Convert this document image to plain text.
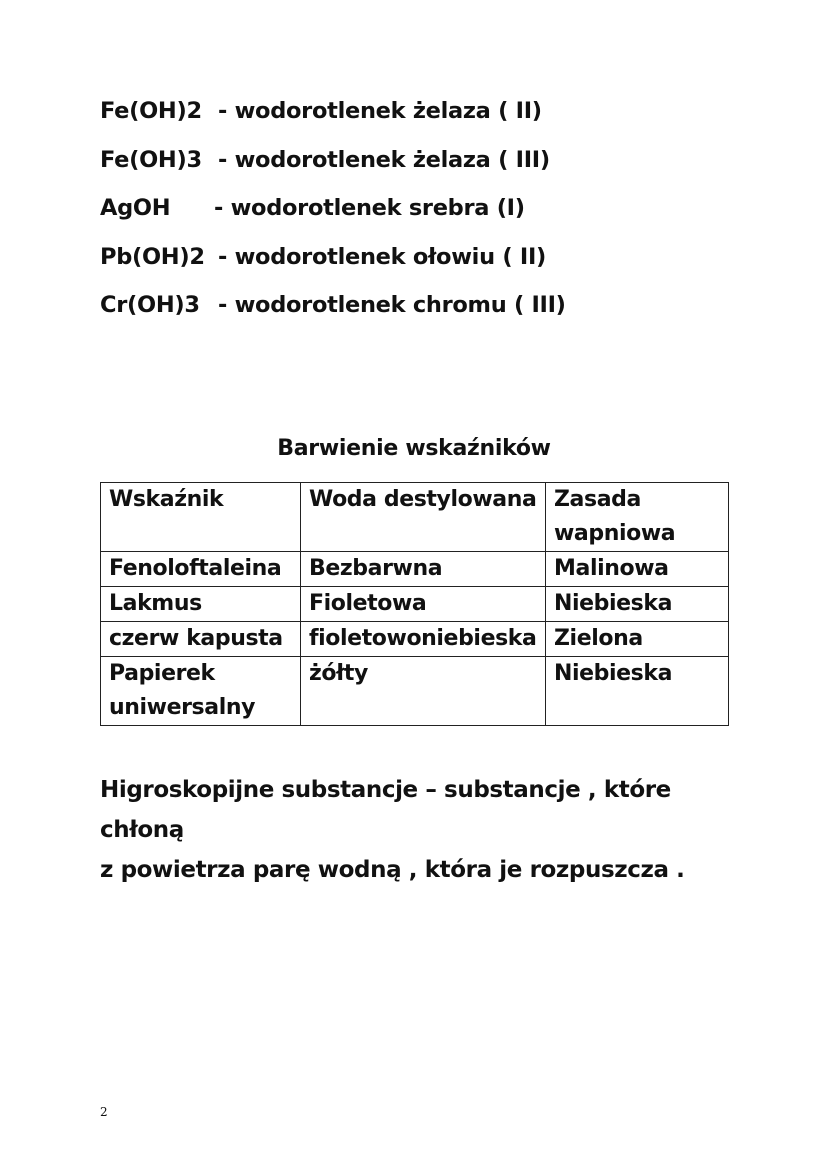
Fe(OH)2 - wodorotlenek żelaza ( II)
Fe(OH)3 - wodorotlenek żelaza ( III)
AgOH	- wodorotlenek srebra (I)
Pb(OH)2 - wodorotlenek ołowiu ( II)
Cr(OH)3 - wodorotlenek chromu ( III)
Barwienie wskaźników
Wskaźnik	Woda destylowana	Zasada wapniowa
Fenoloftaleina	Bezbarwna	Malinowa
Lakmus	Fioletowa	Niebieska
czerw kapusta	fioletowoniebieska	Zielona
Papierek uniwersalny	żółty	Niebieska
Higroskopijne substancje – substancje , które chłoną
z powietrza parę wodną , która je rozpuszcza .
2
